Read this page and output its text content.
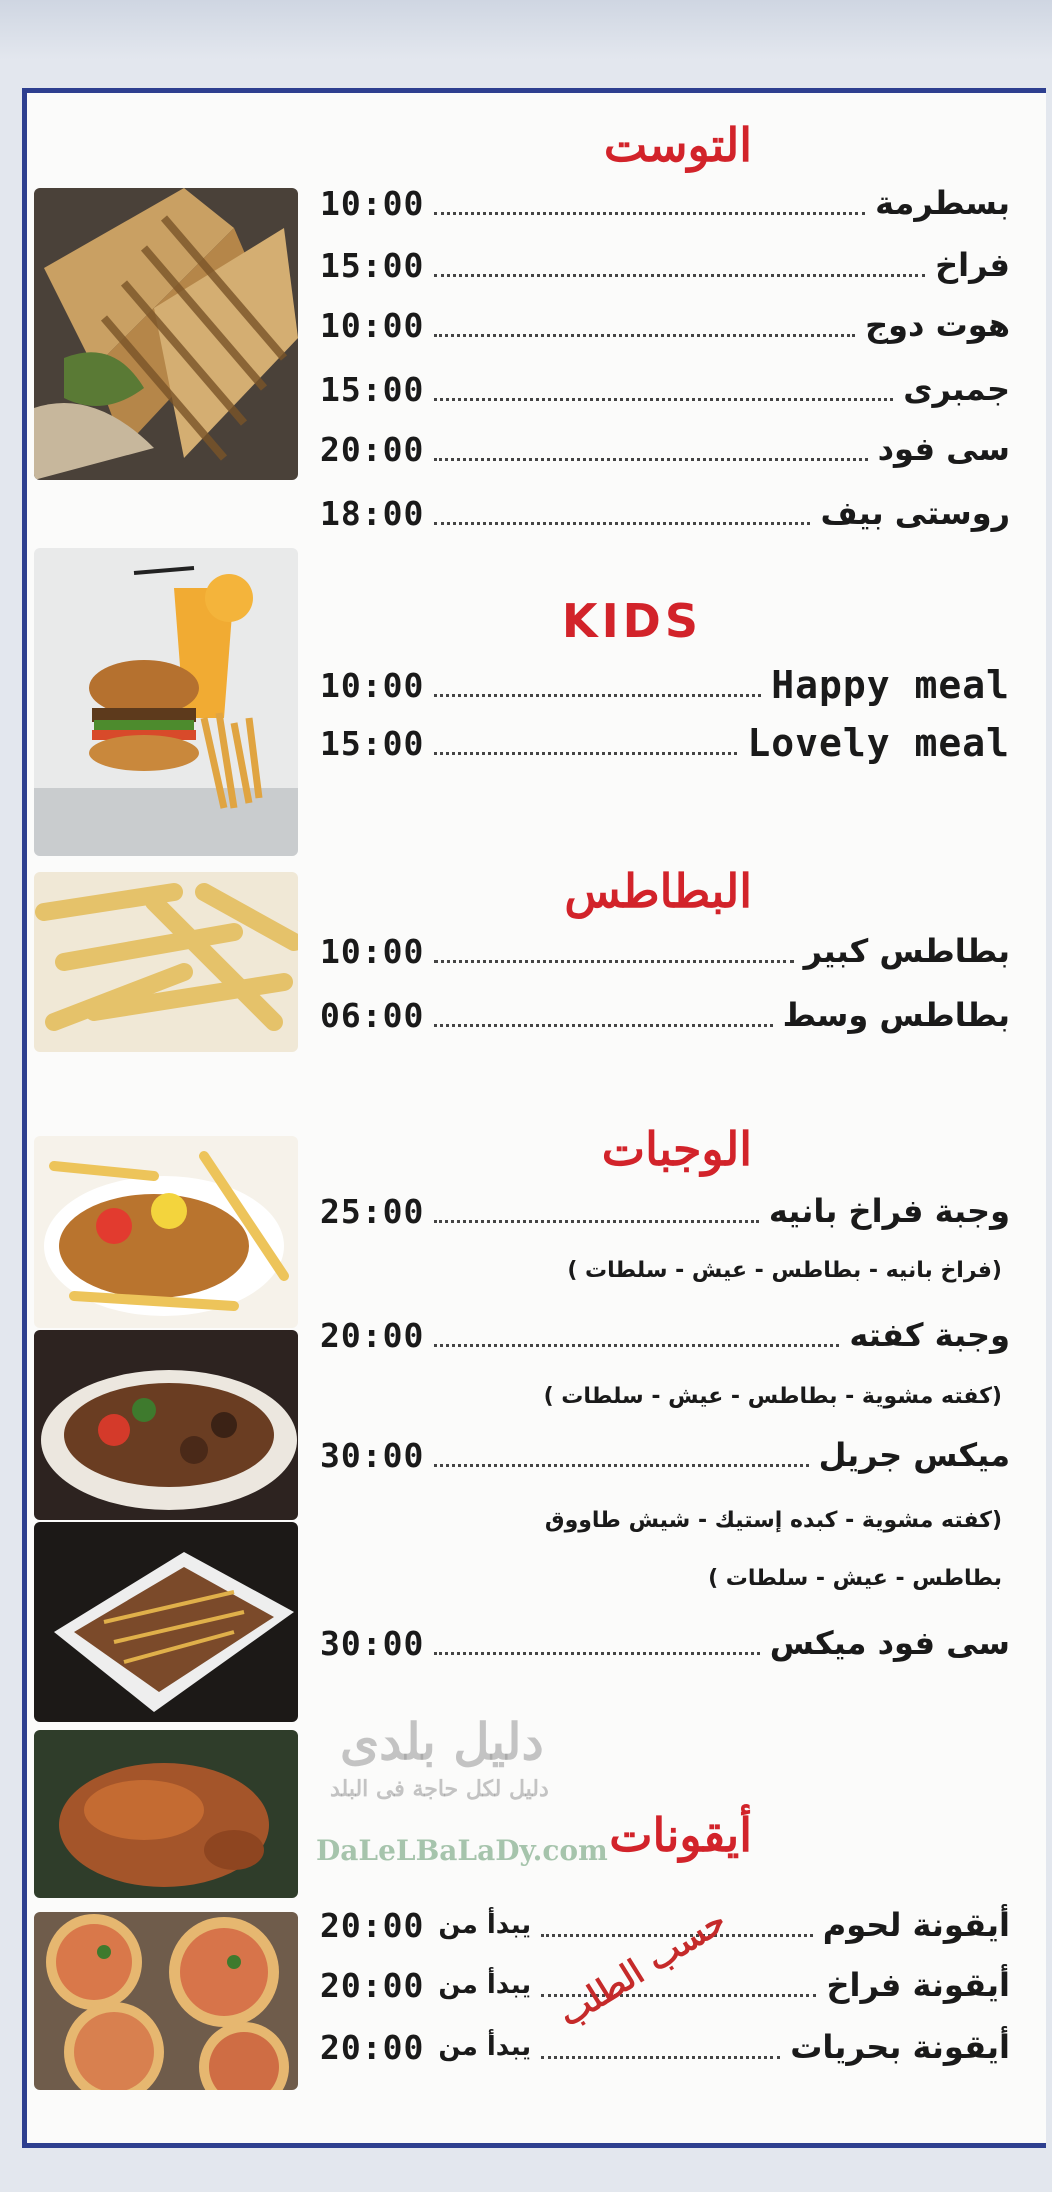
التوست
10:00	بسطرمة
15:00	فراخ
10:00	هوت دوج
15:00	جمبرى
20:00	سى فود
18:00	روستى بيف
KIDS
10:00	Happy meal
15:00	Lovely meal
البطاطس
10:00	بطاطس كبير
06:00	بطاطس وسط
الوجبات
25:00	وجبة فراخ بانيه
(فراخ بانيه - بطاطس - عيش - سلطات )
20:00	وجبة كفته
(كفته مشوية - بطاطس - عيش - سلطات )
30:00	ميكس جريل
(كفته مشوية - كبده إستيك - شيش طاووق
بطاطس - عيش - سلطات )
30:00	سى فود ميكس
أيقونات
20:00 يبدأ من	أيقونة لحوم
20:00 يبدأ من	أيقونة فراخ
20:00 يبدأ من	أيقونة بحريات
حسب الطلب
دليل بلدى
دليل لكل حاجة فى البلد
DaLeLBaLaDy.com
